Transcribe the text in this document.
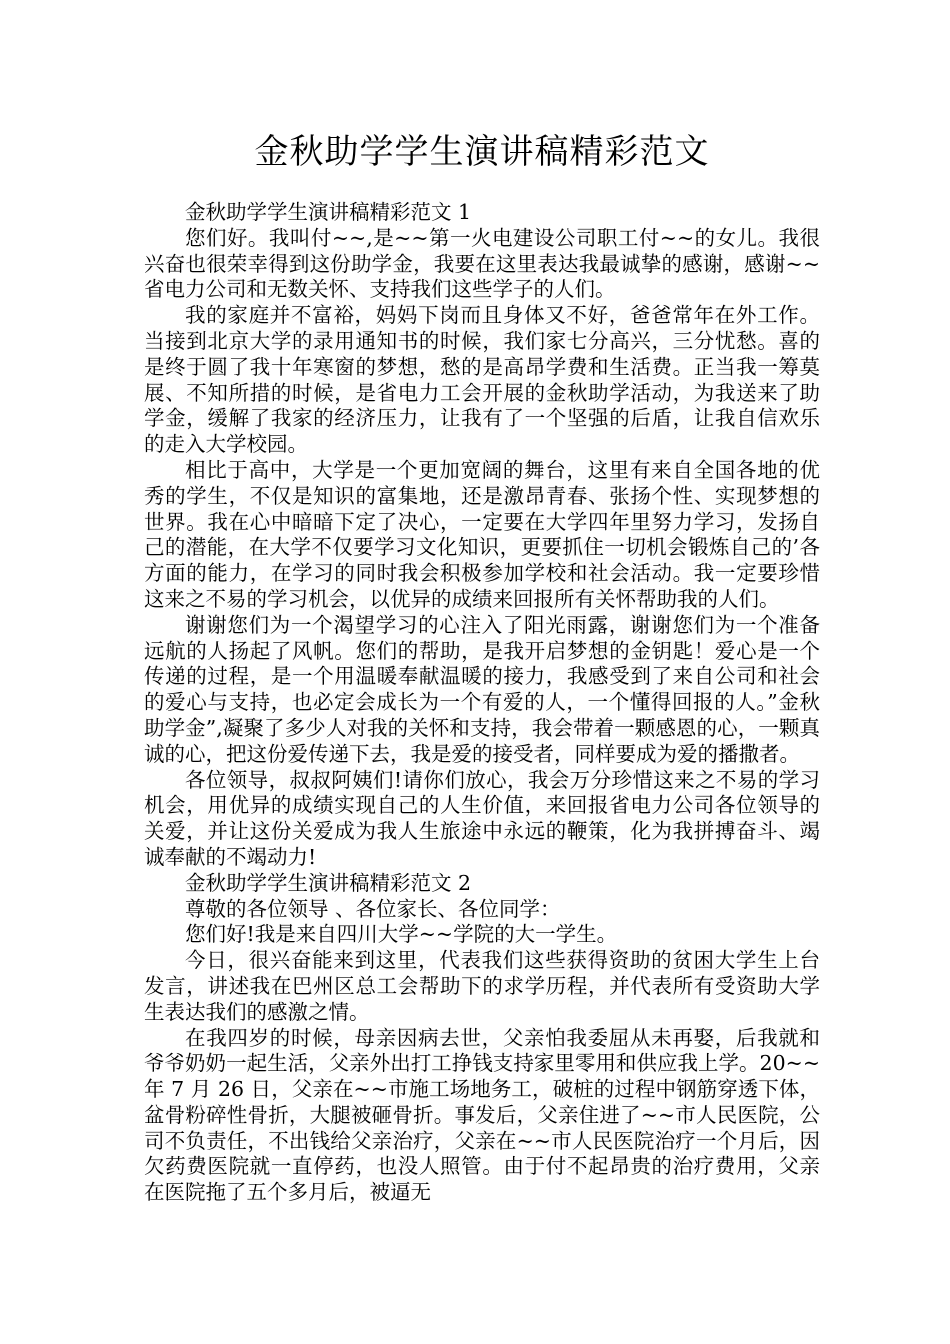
金秋助学学生演讲稿精彩范文

金秋助学学生演讲稿精彩范文 1

您们好。我叫付~~,是~~第一火电建设公司职工付~~的女儿。我很兴奋也很荣幸得到这份助学金，我要在这里表达我最诚挚的感谢，感谢~~省电力公司和无数关怀、支持我们这些学子的人们。

我的家庭并不富裕，妈妈下岗而且身体又不好，爸爸常年在外工作。当接到北京大学的录用通知书的时候，我们家七分高兴，三分忧愁。喜的是终于圆了我十年寒窗的梦想，愁的是高昂学费和生活费。正当我一筹莫展、不知所措的时候，是省电力工会开展的金秋助学活动，为我送来了助学金，缓解了我家的经济压力，让我有了一个坚强的后盾，让我自信欢乐的走入大学校园。

相比于高中，大学是一个更加宽阔的舞台，这里有来自全国各地的优秀的学生，不仅是知识的富集地，还是激昂青春、张扬个性、实现梦想的世界。我在心中暗暗下定了决心，一定要在大学四年里努力学习，发扬自己的潜能，在大学不仅要学习文化知识，更要抓住一切机会锻炼自己的’各方面的能力，在学习的同时我会积极参加学校和社会活动。我一定要珍惜这来之不易的学习机会，以优异的成绩来回报所有关怀帮助我的人们。

谢谢您们为一个渴望学习的心注入了阳光雨露，谢谢您们为一个准备远航的人扬起了风帆。您们的帮助，是我开启梦想的金钥匙！爱心是一个传递的过程，是一个用温暖奉献温暖的接力，我感受到了来自公司和社会的爱心与支持，也必定会成长为一个有爱的人，一个懂得回报的人。”金秋助学金”,凝聚了多少人对我的关怀和支持，我会带着一颗感恩的心，一颗真诚的心，把这份爱传递下去，我是爱的接受者，同样要成为爱的播撒者。

各位领导，叔叔阿姨们!请你们放心，我会万分珍惜这来之不易的学习机会，用优异的成绩实现自己的人生价值，来回报省电力公司各位领导的关爱，并让这份关爱成为我人生旅途中永远的鞭策，化为我拼搏奋斗、竭诚奉献的不竭动力!

金秋助学学生演讲稿精彩范文 2

尊敬的各位领导 、各位家长、各位同学：

您们好!我是来自四川大学~~学院的大一学生。

今日，很兴奋能来到这里，代表我们这些获得资助的贫困大学生上台发言，讲述我在巴州区总工会帮助下的求学历程，并代表所有受资助大学生表达我们的感激之情。

在我四岁的时候，母亲因病去世，父亲怕我委屈从未再娶，后我就和爷爷奶奶一起生活，父亲外出打工挣钱支持家里零用和供应我上学。20~~年 7 月 26 日，父亲在~~市施工场地务工，破桩的过程中钢筋穿透下体，盆骨粉碎性骨折，大腿被砸骨折。事发后，父亲住进了~~市人民医院，公司不负责任，不出钱给父亲治疗，父亲在~~市人民医院治疗一个月后，因欠药费医院就一直停药，也没人照管。由于付不起昂贵的治疗费用，父亲在医院拖了五个多月后，被逼无
